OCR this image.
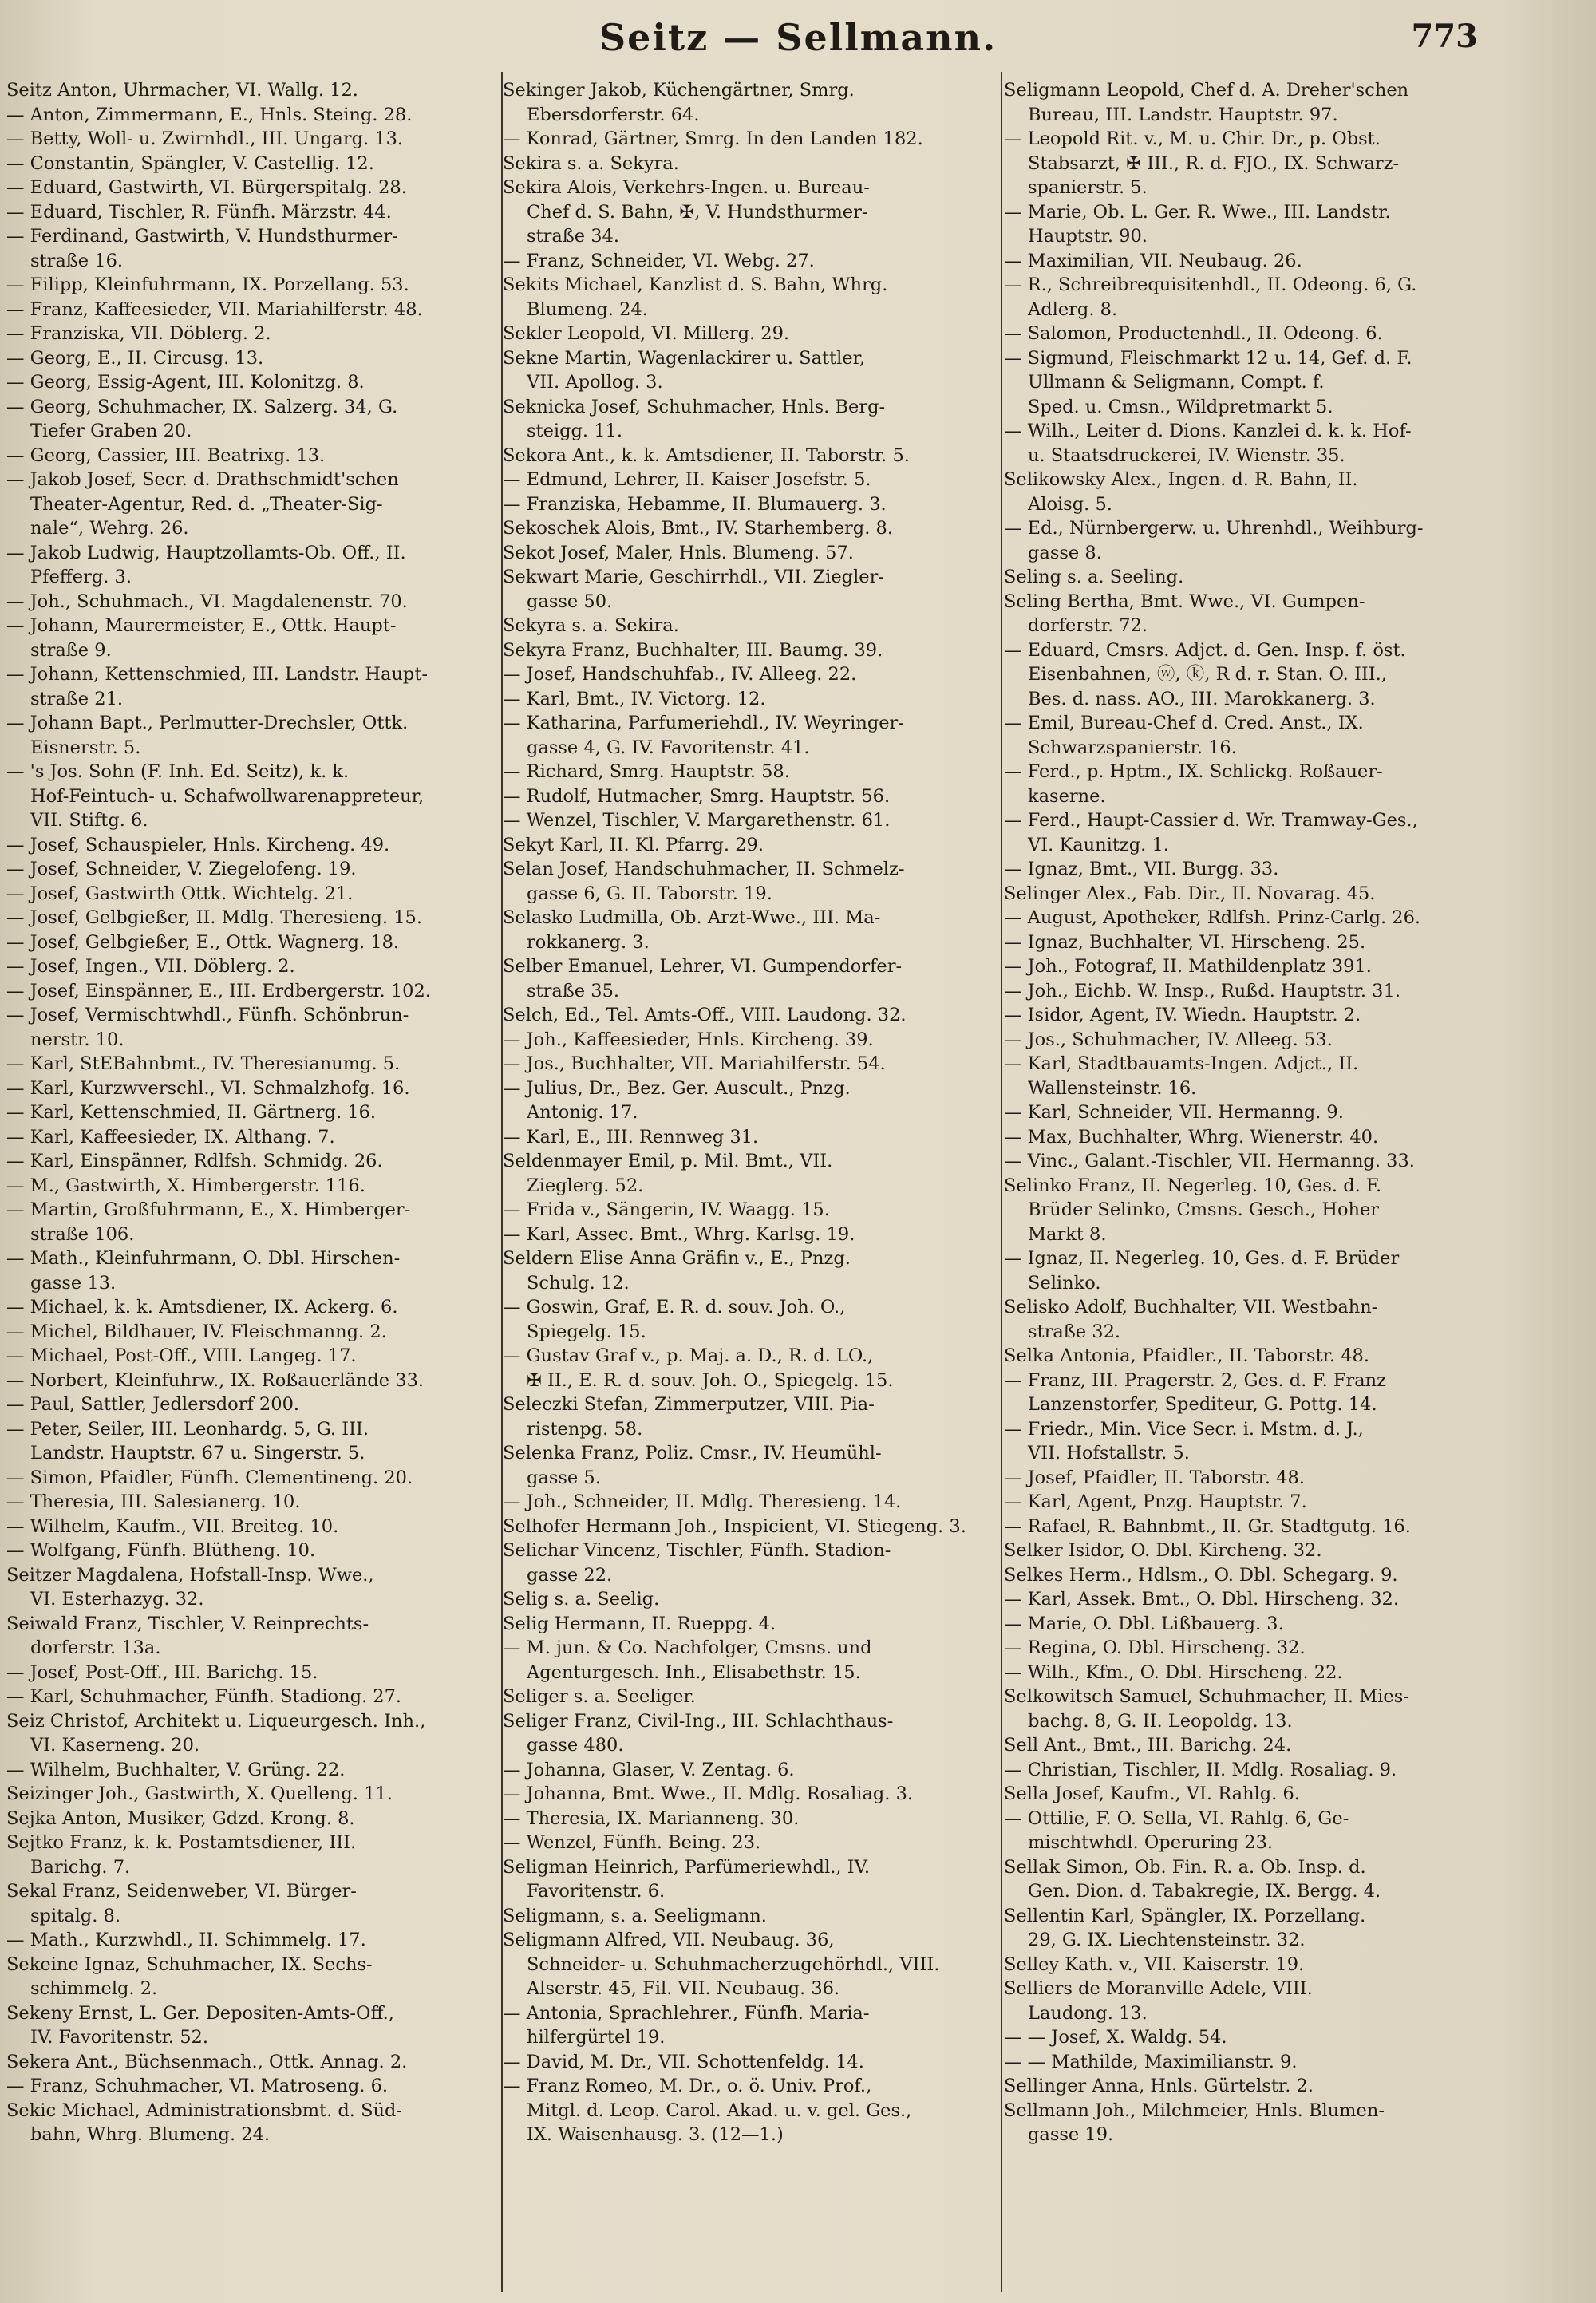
Seitz — Sellmann.	773
Seitz Anton, Uhrmacher, VI. Wallg. 12.
— Anton, Zimmermann, E., Hnls. Steing. 28.
— Betty, Woll- u. Zwirnhdl., III. Ungarg. 13.
— Constantin, Spängler, V. Castellig. 12.
— Eduard, Gastwirth, VI. Bürgerspitalg. 28.
— Eduard, Tischler, R. Fünfh. Märzstr. 44.
— Ferdinand, Gastwirth, V. Hundsthurmer-
straße 16.
— Filipp, Kleinfuhrmann, IX. Porzellang. 53.
— Franz, Kaffeesieder, VII. Mariahilferstr. 48.
— Franziska, VII. Döblerg. 2.
— Georg, E., II. Circusg. 13.
— Georg, Essig-Agent, III. Kolonitzg. 8.
— Georg, Schuhmacher, IX. Salzerg. 34, G.
Tiefer Graben 20.
— Georg, Cassier, III. Beatrixg. 13.
— Jakob Josef, Secr. d. Drathschmidt'schen
Theater-Agentur, Red. d. „Theater-Sig-
nale“, Wehrg. 26.
— Jakob Ludwig, Hauptzollamts-Ob. Off., II.
Pfefferg. 3.
— Joh., Schuhmach., VI. Magdalenenstr. 70.
— Johann, Maurermeister, E., Ottk. Haupt-
straße 9.
— Johann, Kettenschmied, III. Landstr. Haupt-
straße 21.
— Johann Bapt., Perlmutter-Drechsler, Ottk.
Eisnerstr. 5.
— 's Jos. Sohn (F. Inh. Ed. Seitz), k. k.
Hof-Feintuch- u. Schafwollwarenappreteur,
VII. Stiftg. 6.
— Josef, Schauspieler, Hnls. Kircheng. 49.
— Josef, Schneider, V. Ziegelofeng. 19.
— Josef, Gastwirth Ottk. Wichtelg. 21.
— Josef, Gelbgießer, II. Mdlg. Theresieng. 15.
— Josef, Gelbgießer, E., Ottk. Wagnerg. 18.
— Josef, Ingen., VII. Döblerg. 2.
— Josef, Einspänner, E., III. Erdbergerstr. 102.
— Josef, Vermischtwhdl., Fünfh. Schönbrun-
nerstr. 10.
— Karl, StEBahnbmt., IV. Theresianumg. 5.
— Karl, Kurzwverschl., VI. Schmalzhofg. 16.
— Karl, Kettenschmied, II. Gärtnerg. 16.
— Karl, Kaffeesieder, IX. Althang. 7.
— Karl, Einspänner, Rdlfsh. Schmidg. 26.
— M., Gastwirth, X. Himbergerstr. 116.
— Martin, Großfuhrmann, E., X. Himberger-
straße 106.
— Math., Kleinfuhrmann, O. Dbl. Hirschen-
gasse 13.
— Michael, k. k. Amtsdiener, IX. Ackerg. 6.
— Michel, Bildhauer, IV. Fleischmanng. 2.
— Michael, Post-Off., VIII. Langeg. 17.
— Norbert, Kleinfuhrw., IX. Roßauerlände 33.
— Paul, Sattler, Jedlersdorf 200.
— Peter, Seiler, III. Leonhardg. 5, G. III.
Landstr. Hauptstr. 67 u. Singerstr. 5.
— Simon, Pfaidler, Fünfh. Clementineng. 20.
— Theresia, III. Salesianerg. 10.
— Wilhelm, Kaufm., VII. Breiteg. 10.
— Wolfgang, Fünfh. Blütheng. 10.
Seitzer Magdalena, Hofstall-Insp. Wwe.,
VI. Esterhazyg. 32.
Seiwald Franz, Tischler, V. Reinprechts-
dorferstr. 13a.
— Josef, Post-Off., III. Barichg. 15.
— Karl, Schuhmacher, Fünfh. Stadiong. 27.
Seiz Christof, Architekt u. Liqueurgesch. Inh.,
VI. Kaserneng. 20.
— Wilhelm, Buchhalter, V. Grüng. 22.
Seizinger Joh., Gastwirth, X. Quelleng. 11.
Sejka Anton, Musiker, Gdzd. Krong. 8.
Sejtko Franz, k. k. Postamtsdiener, III.
Barichg. 7.
Sekal Franz, Seidenweber, VI. Bürger-
spitalg. 8.
— Math., Kurzwhdl., II. Schimmelg. 17.
Sekeine Ignaz, Schuhmacher, IX. Sechs-
schimmelg. 2.
Sekeny Ernst, L. Ger. Depositen-Amts-Off.,
IV. Favoritenstr. 52.
Sekera Ant., Büchsenmach., Ottk. Annag. 2.
— Franz, Schuhmacher, VI. Matroseng. 6.
Sekic Michael, Administrationsbmt. d. Süd-
bahn, Whrg. Blumeng. 24.
Sekinger Jakob, Küchengärtner, Smrg.
Ebersdorferstr. 64.
— Konrad, Gärtner, Smrg. In den Landen 182.
Sekira s. a. Sekyra.
Sekira Alois, Verkehrs-Ingen. u. Bureau-
Chef d. S. Bahn, ✠, V. Hundsthurmer-
straße 34.
— Franz, Schneider, VI. Webg. 27.
Sekits Michael, Kanzlist d. S. Bahn, Whrg.
Blumeng. 24.
Sekler Leopold, VI. Millerg. 29.
Sekne Martin, Wagenlackirer u. Sattler,
VII. Apollog. 3.
Seknicka Josef, Schuhmacher, Hnls. Berg-
steigg. 11.
Sekora Ant., k. k. Amtsdiener, II. Taborstr. 5.
— Edmund, Lehrer, II. Kaiser Josefstr. 5.
— Franziska, Hebamme, II. Blumauerg. 3.
Sekoschek Alois, Bmt., IV. Starhemberg. 8.
Sekot Josef, Maler, Hnls. Blumeng. 57.
Sekwart Marie, Geschirrhdl., VII. Ziegler-
gasse 50.
Sekyra s. a. Sekira.
Sekyra Franz, Buchhalter, III. Baumg. 39.
— Josef, Handschuhfab., IV. Alleeg. 22.
— Karl, Bmt., IV. Victorg. 12.
— Katharina, Parfumeriehdl., IV. Weyringer-
gasse 4, G. IV. Favoritenstr. 41.
— Richard, Smrg. Hauptstr. 58.
— Rudolf, Hutmacher, Smrg. Hauptstr. 56.
— Wenzel, Tischler, V. Margarethenstr. 61.
Sekyt Karl, II. Kl. Pfarrg. 29.
Selan Josef, Handschuhmacher, II. Schmelz-
gasse 6, G. II. Taborstr. 19.
Selasko Ludmilla, Ob. Arzt-Wwe., III. Ma-
rokkanerg. 3.
Selber Emanuel, Lehrer, VI. Gumpendorfer-
straße 35.
Selch, Ed., Tel. Amts-Off., VIII. Laudong. 32.
— Joh., Kaffeesieder, Hnls. Kircheng. 39.
— Jos., Buchhalter, VII. Mariahilferstr. 54.
— Julius, Dr., Bez. Ger. Auscult., Pnzg.
Antonig. 17.
— Karl, E., III. Rennweg 31.
Seldenmayer Emil, p. Mil. Bmt., VII.
Zieglerg. 52.
— Frida v., Sängerin, IV. Waagg. 15.
— Karl, Assec. Bmt., Whrg. Karlsg. 19.
Seldern Elise Anna Gräfin v., E., Pnzg.
Schulg. 12.
— Goswin, Graf, E. R. d. souv. Joh. O.,
Spiegelg. 15.
— Gustav Graf v., p. Maj. a. D., R. d. LO.,
✠ II., E. R. d. souv. Joh. O., Spiegelg. 15.
Seleczki Stefan, Zimmerputzer, VIII. Pia-
ristenpg. 58.
Selenka Franz, Poliz. Cmsr., IV. Heumühl-
gasse 5.
— Joh., Schneider, II. Mdlg. Theresieng. 14.
Selhofer Hermann Joh., Inspicient, VI. Stiegeng. 3.
Selichar Vincenz, Tischler, Fünfh. Stadion-
gasse 22.
Selig s. a. Seelig.
Selig Hermann, II. Rueppg. 4.
— M. jun. & Co. Nachfolger, Cmsns. und
Agenturgesch. Inh., Elisabethstr. 15.
Seliger s. a. Seeliger.
Seliger Franz, Civil-Ing., III. Schlachthaus-
gasse 480.
— Johanna, Glaser, V. Zentag. 6.
— Johanna, Bmt. Wwe., II. Mdlg. Rosaliag. 3.
— Theresia, IX. Marianneng. 30.
— Wenzel, Fünfh. Being. 23.
Seligman Heinrich, Parfümeriewhdl., IV.
Favoritenstr. 6.
Seligmann, s. a. Seeligmann.
Seligmann Alfred, VII. Neubaug. 36,
Schneider- u. Schuhmacherzugehörhdl., VIII.
Alserstr. 45, Fil. VII. Neubaug. 36.
— Antonia, Sprachlehrer., Fünfh. Maria-
hilfergürtel 19.
— David, M. Dr., VII. Schottenfeldg. 14.
— Franz Romeo, M. Dr., o. ö. Univ. Prof.,
Mitgl. d. Leop. Carol. Akad. u. v. gel. Ges.,
IX. Waisenhausg. 3. (12—1.)
Seligmann Leopold, Chef d. A. Dreher'schen
Bureau, III. Landstr. Hauptstr. 97.
— Leopold Rit. v., M. u. Chir. Dr., p. Obst.
Stabsarzt, ✠ III., R. d. FJO., IX. Schwarz-
spanierstr. 5.
— Marie, Ob. L. Ger. R. Wwe., III. Landstr.
Hauptstr. 90.
— Maximilian, VII. Neubaug. 26.
— R., Schreibrequisitenhdl., II. Odeong. 6, G.
Adlerg. 8.
— Salomon, Productenhdl., II. Odeong. 6.
— Sigmund, Fleischmarkt 12 u. 14, Gef. d. F.
Ullmann & Seligmann, Compt. f.
Sped. u. Cmsn., Wildpretmarkt 5.
— Wilh., Leiter d. Dions. Kanzlei d. k. k. Hof-
u. Staatsdruckerei, IV. Wienstr. 35.
Selikowsky Alex., Ingen. d. R. Bahn, II.
Aloisg. 5.
— Ed., Nürnbergerw. u. Uhrenhdl., Weihburg-
gasse 8.
Seling s. a. Seeling.
Seling Bertha, Bmt. Wwe., VI. Gumpen-
dorferstr. 72.
— Eduard, Cmsrs. Adjct. d. Gen. Insp. f. öst.
Eisenbahnen, ⓦ, ⓚ, R d. r. Stan. O. III.,
Bes. d. nass. AO., III. Marokkanerg. 3.
— Emil, Bureau-Chef d. Cred. Anst., IX.
Schwarzspanierstr. 16.
— Ferd., p. Hptm., IX. Schlickg. Roßauer-
kaserne.
— Ferd., Haupt-Cassier d. Wr. Tramway-Ges.,
VI. Kaunitzg. 1.
— Ignaz, Bmt., VII. Burgg. 33.
Selinger Alex., Fab. Dir., II. Novarag. 45.
— August, Apotheker, Rdlfsh. Prinz-Carlg. 26.
— Ignaz, Buchhalter, VI. Hirscheng. 25.
— Joh., Fotograf, II. Mathildenplatz 391.
— Joh., Eichb. W. Insp., Rußd. Hauptstr. 31.
— Isidor, Agent, IV. Wiedn. Hauptstr. 2.
— Jos., Schuhmacher, IV. Alleeg. 53.
— Karl, Stadtbauamts-Ingen. Adjct., II.
Wallensteinstr. 16.
— Karl, Schneider, VII. Hermanng. 9.
— Max, Buchhalter, Whrg. Wienerstr. 40.
— Vinc., Galant.-Tischler, VII. Hermanng. 33.
Selinko Franz, II. Negerleg. 10, Ges. d. F.
Brüder Selinko, Cmsns. Gesch., Hoher
Markt 8.
— Ignaz, II. Negerleg. 10, Ges. d. F. Brüder
Selinko.
Selisko Adolf, Buchhalter, VII. Westbahn-
straße 32.
Selka Antonia, Pfaidler., II. Taborstr. 48.
— Franz, III. Pragerstr. 2, Ges. d. F. Franz
Lanzenstorfer, Spediteur, G. Pottg. 14.
— Friedr., Min. Vice Secr. i. Mstm. d. J.,
VII. Hofstallstr. 5.
— Josef, Pfaidler, II. Taborstr. 48.
— Karl, Agent, Pnzg. Hauptstr. 7.
— Rafael, R. Bahnbmt., II. Gr. Stadtgutg. 16.
Selker Isidor, O. Dbl. Kircheng. 32.
Selkes Herm., Hdlsm., O. Dbl. Schegarg. 9.
— Karl, Assek. Bmt., O. Dbl. Hirscheng. 32.
— Marie, O. Dbl. Lißbauerg. 3.
— Regina, O. Dbl. Hirscheng. 32.
— Wilh., Kfm., O. Dbl. Hirscheng. 22.
Selkowitsch Samuel, Schuhmacher, II. Mies-
bachg. 8, G. II. Leopoldg. 13.
Sell Ant., Bmt., III. Barichg. 24.
— Christian, Tischler, II. Mdlg. Rosaliag. 9.
Sella Josef, Kaufm., VI. Rahlg. 6.
— Ottilie, F. O. Sella, VI. Rahlg. 6, Ge-
mischtwhdl. Operuring 23.
Sellak Simon, Ob. Fin. R. a. Ob. Insp. d.
Gen. Dion. d. Tabakregie, IX. Bergg. 4.
Sellentin Karl, Spängler, IX. Porzellang.
29, G. IX. Liechtensteinstr. 32.
Selley Kath. v., VII. Kaiserstr. 19.
Selliers de Moranville Adele, VIII.
Laudong. 13.
— — Josef, X. Waldg. 54.
— — Mathilde, Maximilianstr. 9.
Sellinger Anna, Hnls. Gürtelstr. 2.
Sellmann Joh., Milchmeier, Hnls. Blumen-
gasse 19.
